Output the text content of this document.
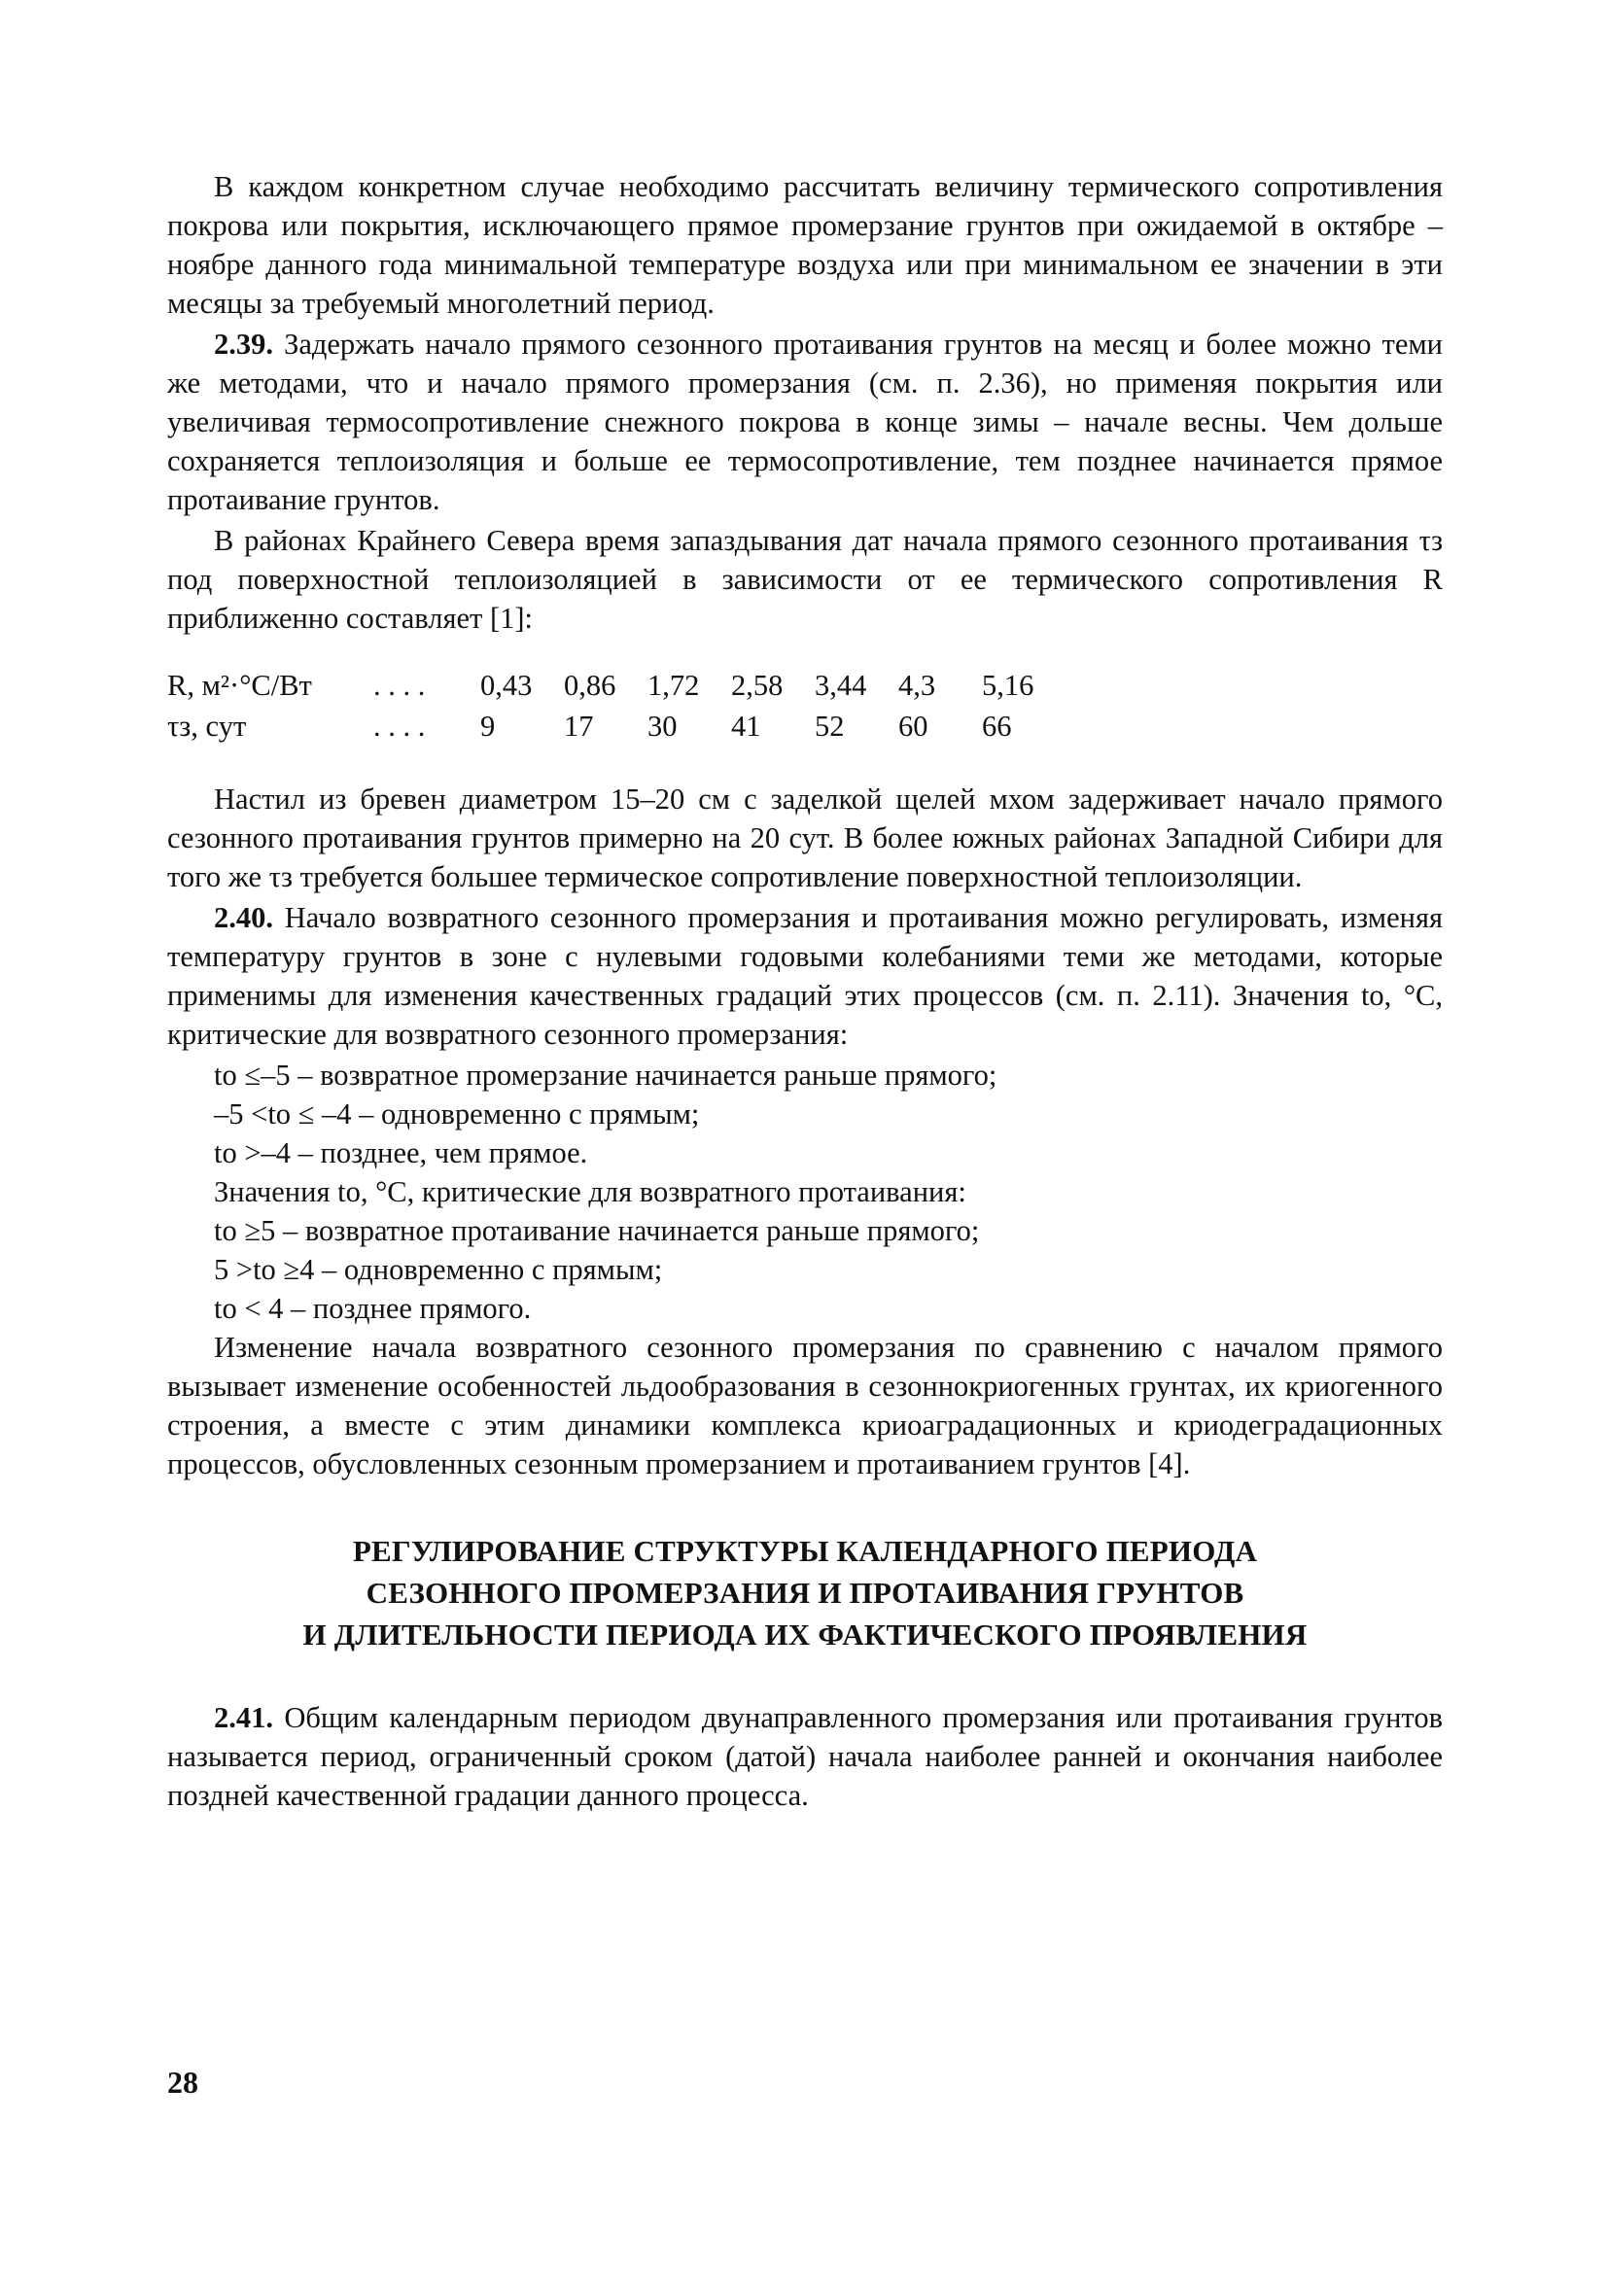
В каждом конкретном случае необходимо рассчитать величину термического сопротивления покрова или покрытия, исключающего прямое промерзание грунтов при ожидаемой в октябре – ноябре данного года минимальной температуре воздуха или при минимальном ее значении в эти месяцы за требуемый многолетний период.

2.39. Задержать начало прямого сезонного протаивания грунтов на месяц и более можно теми же методами, что и начало прямого промерзания (см. п. 2.36), но применяя покрытия или увеличивая термосопротивление снежного покрова в конце зимы – начале весны. Чем дольше сохраняется теплоизоляция и больше ее термосопротивление, тем позднее начинается прямое протаивание грунтов.

В районах Крайнего Севера время запаздывания дат начала прямого сезонного протаивания τз под поверхностной теплоизоляцией в зависимости от ее термического сопротивления R приближенно составляет [1]:

R, м²·°С/Вт	. . . .	0,43	0,86	1,72	2,58	3,44	4,3	5,16
τз, сут	. . . .	9	17	30	41	52	60	66

Настил из бревен диаметром 15–20 см с заделкой щелей мхом задерживает начало прямого сезонного протаивания грунтов примерно на 20 сут. В более южных районах Западной Сибири для того же τз требуется большее термическое сопротивление поверхностной теплоизоляции.

2.40. Начало возвратного сезонного промерзания и протаивания можно регулировать, изменяя температуру грунтов в зоне с нулевыми годовыми колебаниями теми же методами, которые применимы для изменения качественных градаций этих процессов (см. п. 2.11). Значения to, °С, критические для возвратного сезонного промерзания:

to ≤–5 – возвратное промерзание начинается раньше прямого;

–5 <to ≤ –4 – одновременно с прямым;

to >–4 – позднее, чем прямое.

Значения to, °С, критические для возвратного протаивания:

to ≥5 – возвратное протаивание начинается раньше прямого;

5 >to ≥4 – одновременно с прямым;

to < 4 – позднее прямого.

Изменение начала возвратного сезонного промерзания по сравнению с началом прямого вызывает изменение особенностей льдообразования в сезоннокриогенных грунтах, их криогенного строения, а вместе с этим динамики комплекса криоаградационных и криодеградационных процессов, обусловленных сезонным промерзанием и протаиванием грунтов [4].

РЕГУЛИРОВАНИЕ СТРУКТУРЫ КАЛЕНДАРНОГО ПЕРИОДА
СЕЗОННОГО ПРОМЕРЗАНИЯ И ПРОТАИВАНИЯ ГРУНТОВ
И ДЛИТЕЛЬНОСТИ ПЕРИОДА ИХ ФАКТИЧЕСКОГО ПРОЯВЛЕНИЯ

2.41. Общим календарным периодом двунаправленного промерзания или протаивания грунтов называется период, ограниченный сроком (датой) начала наиболее ранней и окончания наиболее поздней качественной градации данного процесса.

28
